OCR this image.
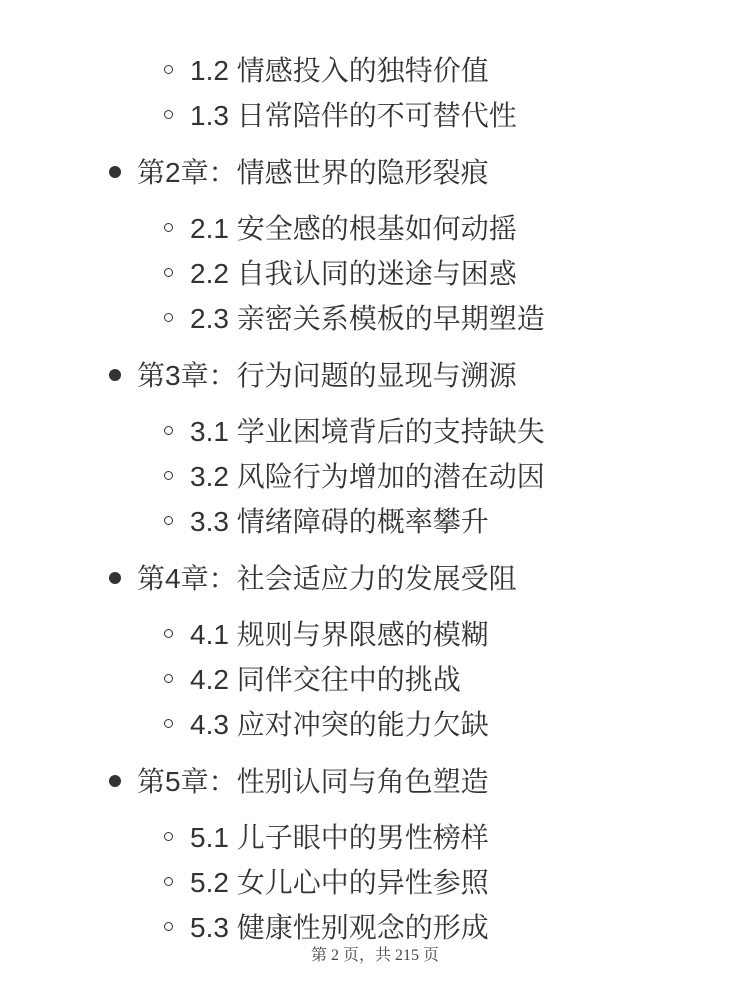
1.2 情感投入的独特价值
1.3 日常陪伴的不可替代性
第2章：情感世界的隐形裂痕
2.1 安全感的根基如何动摇
2.2 自我认同的迷途与困惑
2.3 亲密关系模板的早期塑造
第3章：行为问题的显现与溯源
3.1 学业困境背后的支持缺失
3.2 风险行为增加的潜在动因
3.3 情绪障碍的概率攀升
第4章：社会适应力的发展受阻
4.1 规则与界限感的模糊
4.2 同伴交往中的挑战
4.3 应对冲突的能力欠缺
第5章：性别认同与角色塑造
5.1 儿子眼中的男性榜样
5.2 女儿心中的异性参照
5.3 健康性别观念的形成
第 2 页，共 215 页
